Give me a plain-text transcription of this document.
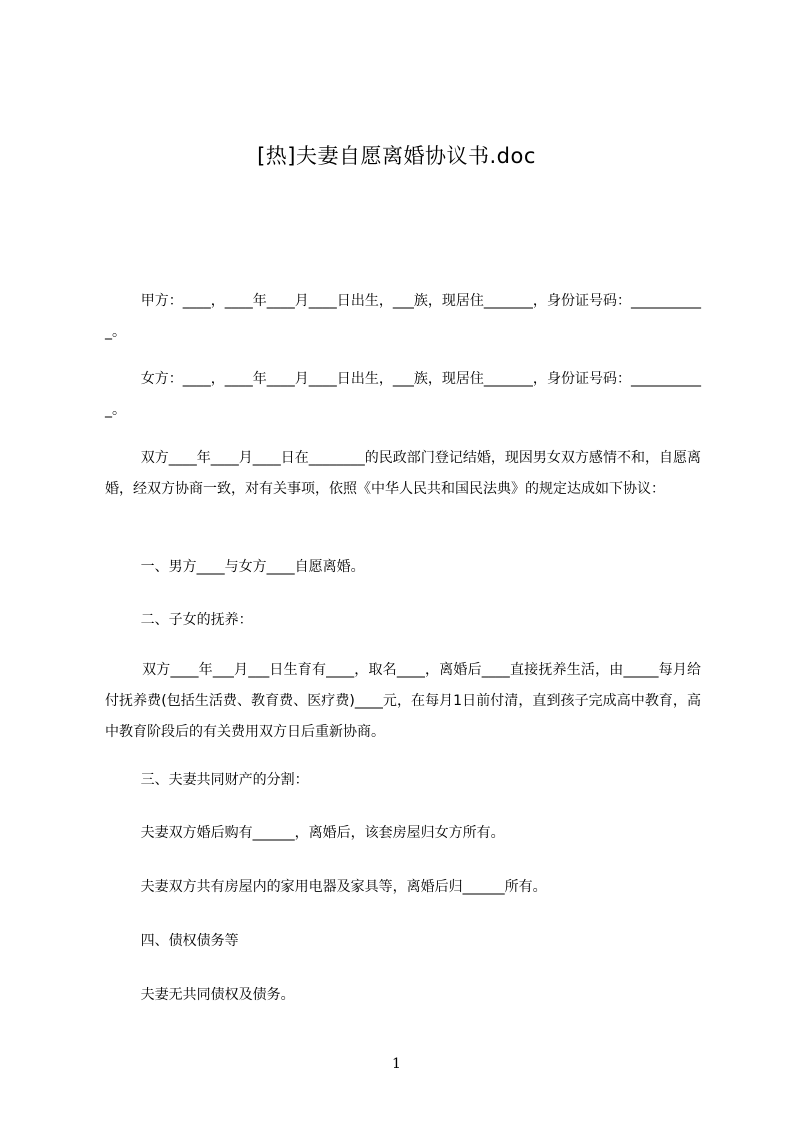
[热]夫妻自愿离婚协议书.doc
甲方：____，____年____月____日出生，___族，现居住_______，身份证号码：___________。
女方：____，____年____月____日出生，___族，现居住_______，身份证号码：___________。
双方____年____月____日在________的民政部门登记结婚，现因男女双方感情不和，自愿离婚，经双方协商一致，对有关事项，依照《中华人民共和国民法典》的规定达成如下协议：
一、男方____与女方____自愿离婚。
二、子女的抚养：
双方____年___月___日生育有____，取名____，离婚后____直接抚养生活，由_____每月给付抚养费(包括生活费、教育费、医疗费)____元，在每月1日前付清，直到孩子完成高中教育，高中教育阶段后的有关费用双方日后重新协商。
三、夫妻共同财产的分割：
夫妻双方婚后购有______，离婚后，该套房屋归女方所有。
夫妻双方共有房屋内的家用电器及家具等，离婚后归______所有。
四、债权债务等
夫妻无共同债权及债务。
1
